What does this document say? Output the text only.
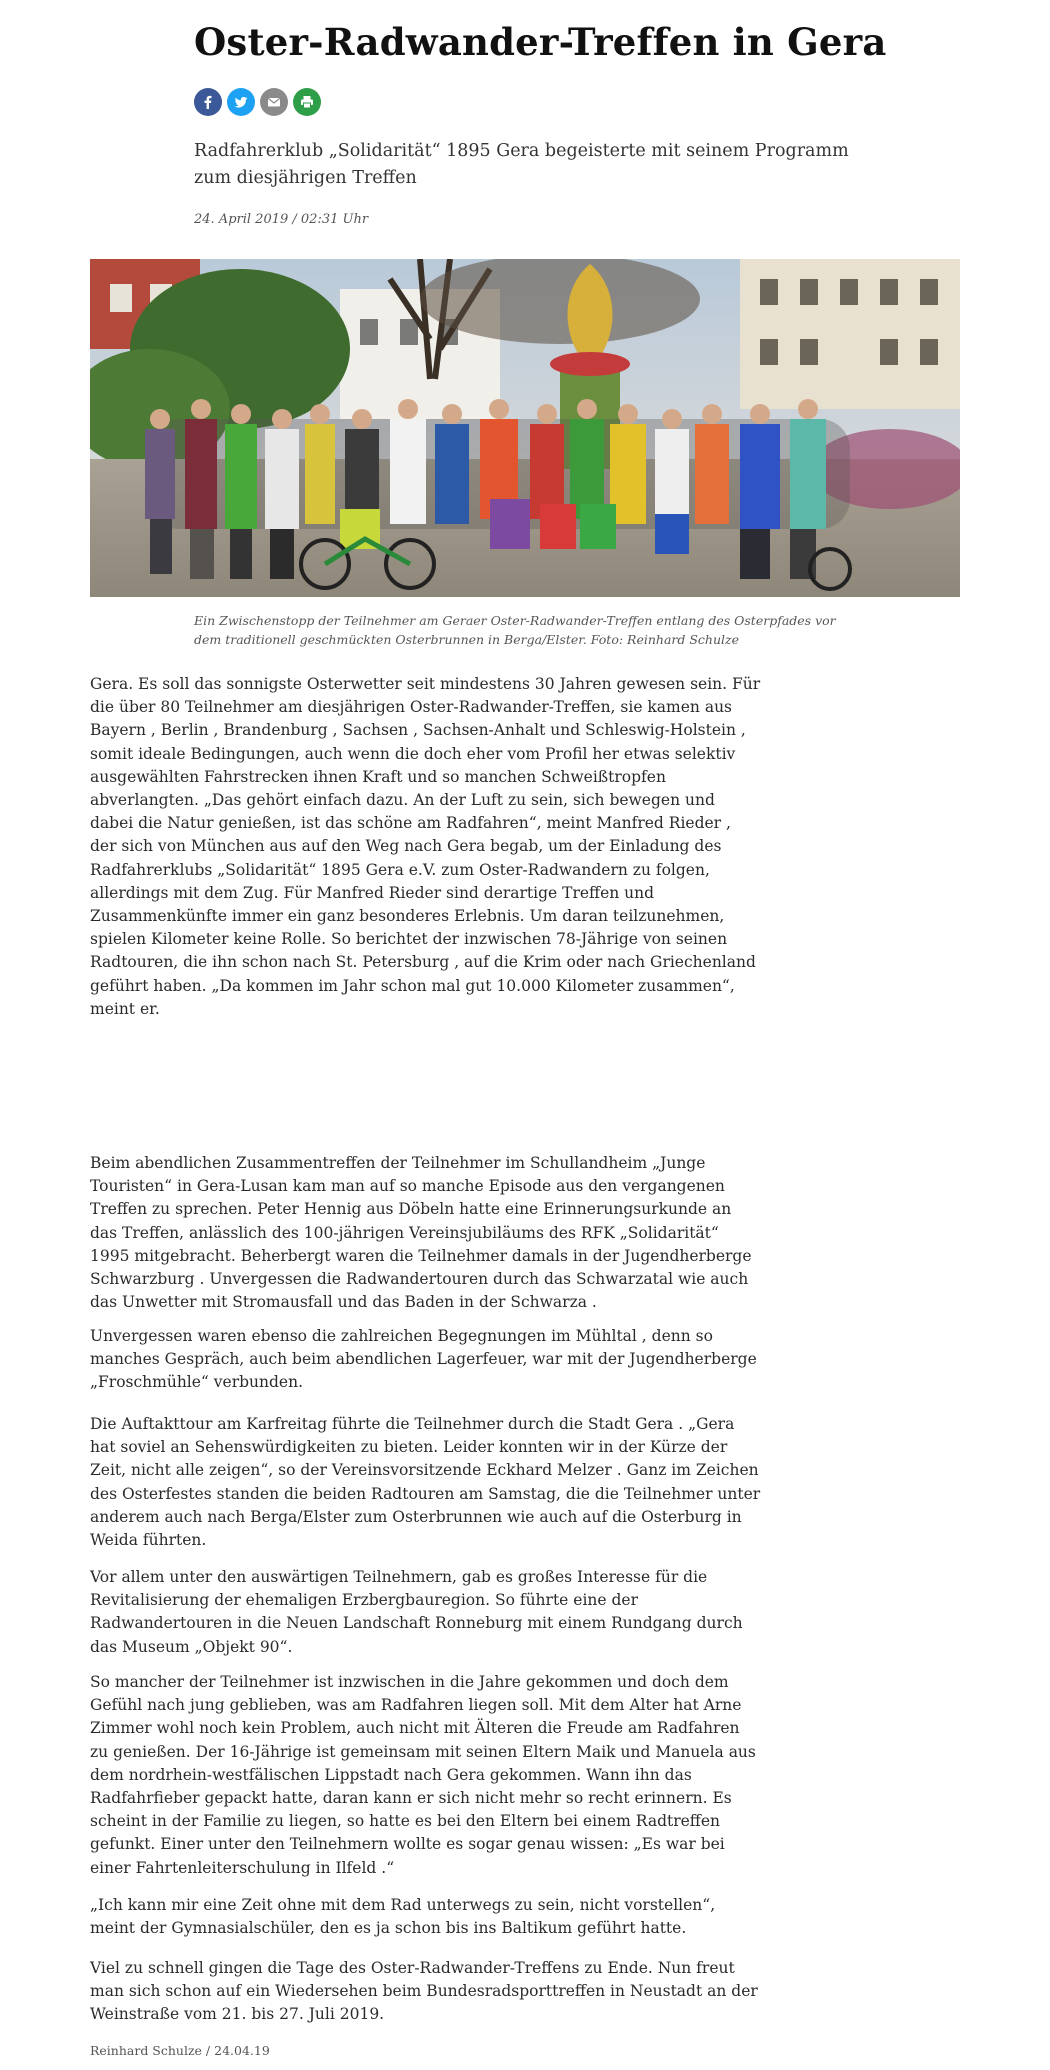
Oster-Radwander-Treffen in Gera

Radfahrerklub „Solidarität“ 1895 Gera begeisterte mit seinem Programm zum diesjährigen Treffen

24. April 2019 / 02:31 Uhr

Ein Zwischenstopp der Teilnehmer am Geraer Oster-Radwander-Treffen entlang des Osterpfades vor dem traditionell geschmückten Osterbrunnen in Berga/Elster. Foto: Reinhard Schulze

Gera. Es soll das sonnigste Osterwetter seit mindestens 30 Jahren gewesen sein. Für die über 80 Teilnehmer am diesjährigen Oster-Radwander-Treffen, sie kamen aus Bayern , Berlin , Brandenburg , Sachsen , Sachsen-Anhalt und Schleswig-Holstein , somit ideale Bedingungen, auch wenn die doch eher vom Profil her etwas selektiv ausgewählten Fahrstrecken ihnen Kraft und so manchen Schweißtropfen abverlangten. „Das gehört einfach dazu. An der Luft zu sein, sich bewegen und dabei die Natur genießen, ist das schöne am Radfahren“, meint Manfred Rieder , der sich von München aus auf den Weg nach Gera begab, um der Einladung des Radfahrerklubs „Solidarität“ 1895 Gera e.V. zum Oster-Radwandern zu folgen, allerdings mit dem Zug. Für Manfred Rieder sind derartige Treffen und Zusammenkünfte immer ein ganz besonderes Erlebnis. Um daran teilzunehmen, spielen Kilometer keine Rolle. So berichtet der inzwischen 78-Jährige von seinen Radtouren, die ihn schon nach St. Petersburg , auf die Krim oder nach Griechenland geführt haben. „Da kommen im Jahr schon mal gut 10.000 Kilometer zusammen“, meint er.

Beim abendlichen Zusammentreffen der Teilnehmer im Schullandheim „Junge Touristen“ in Gera-Lusan kam man auf so manche Episode aus den vergangenen Treffen zu sprechen. Peter Hennig aus Döbeln hatte eine Erinnerungsurkunde an das Treffen, anlässlich des 100-jährigen Vereinsjubiläums des RFK „Solidarität“ 1995 mitgebracht. Beherbergt waren die Teilnehmer damals in der Jugendherberge Schwarzburg . Unvergessen die Radwandertouren durch das Schwarzatal wie auch das Unwetter mit Stromausfall und das Baden in der Schwarza .

Unvergessen waren ebenso die zahlreichen Begegnungen im Mühltal , denn so manches Gespräch, auch beim abendlichen Lagerfeuer, war mit der Jugendherberge „Froschmühle“ verbunden.

Die Auftakttour am Karfreitag führte die Teilnehmer durch die Stadt Gera . „Gera hat soviel an Sehenswürdigkeiten zu bieten. Leider konnten wir in der Kürze der Zeit, nicht alle zeigen“, so der Vereinsvorsitzende Eckhard Melzer . Ganz im Zeichen des Osterfestes standen die beiden Radtouren am Samstag, die die Teilnehmer unter anderem auch nach Berga/Elster zum Osterbrunnen wie auch auf die Osterburg in Weida führten.

Vor allem unter den auswärtigen Teilnehmern, gab es großes Interesse für die Revitalisierung der ehemaligen Erzbergbauregion. So führte eine der Radwandertouren in die Neuen Landschaft Ronneburg mit einem Rundgang durch das Museum „Objekt 90“.

So mancher der Teilnehmer ist inzwischen in die Jahre gekommen und doch dem Gefühl nach jung geblieben, was am Radfahren liegen soll. Mit dem Alter hat Arne Zimmer wohl noch kein Problem, auch nicht mit Älteren die Freude am Radfahren zu genießen. Der 16-Jährige ist gemeinsam mit seinen Eltern Maik und Manuela aus dem nordrhein-westfälischen Lippstadt nach Gera gekommen. Wann ihn das Radfahrfieber gepackt hatte, daran kann er sich nicht mehr so recht erinnern. Es scheint in der Familie zu liegen, so hatte es bei den Eltern bei einem Radtreffen gefunkt. Einer unter den Teilnehmern wollte es sogar genau wissen: „Es war bei einer Fahrtenleiterschulung in Ilfeld .“

„Ich kann mir eine Zeit ohne mit dem Rad unterwegs zu sein, nicht vorstellen“, meint der Gymnasialschüler, den es ja schon bis ins Baltikum geführt hatte.

Viel zu schnell gingen die Tage des Oster-Radwander-Treffens zu Ende. Nun freut man sich schon auf ein Wiedersehen beim Bundesradsporttreffen in Neustadt an der Weinstraße vom 21. bis 27. Juli 2019.

Reinhard Schulze / 24.04.19
